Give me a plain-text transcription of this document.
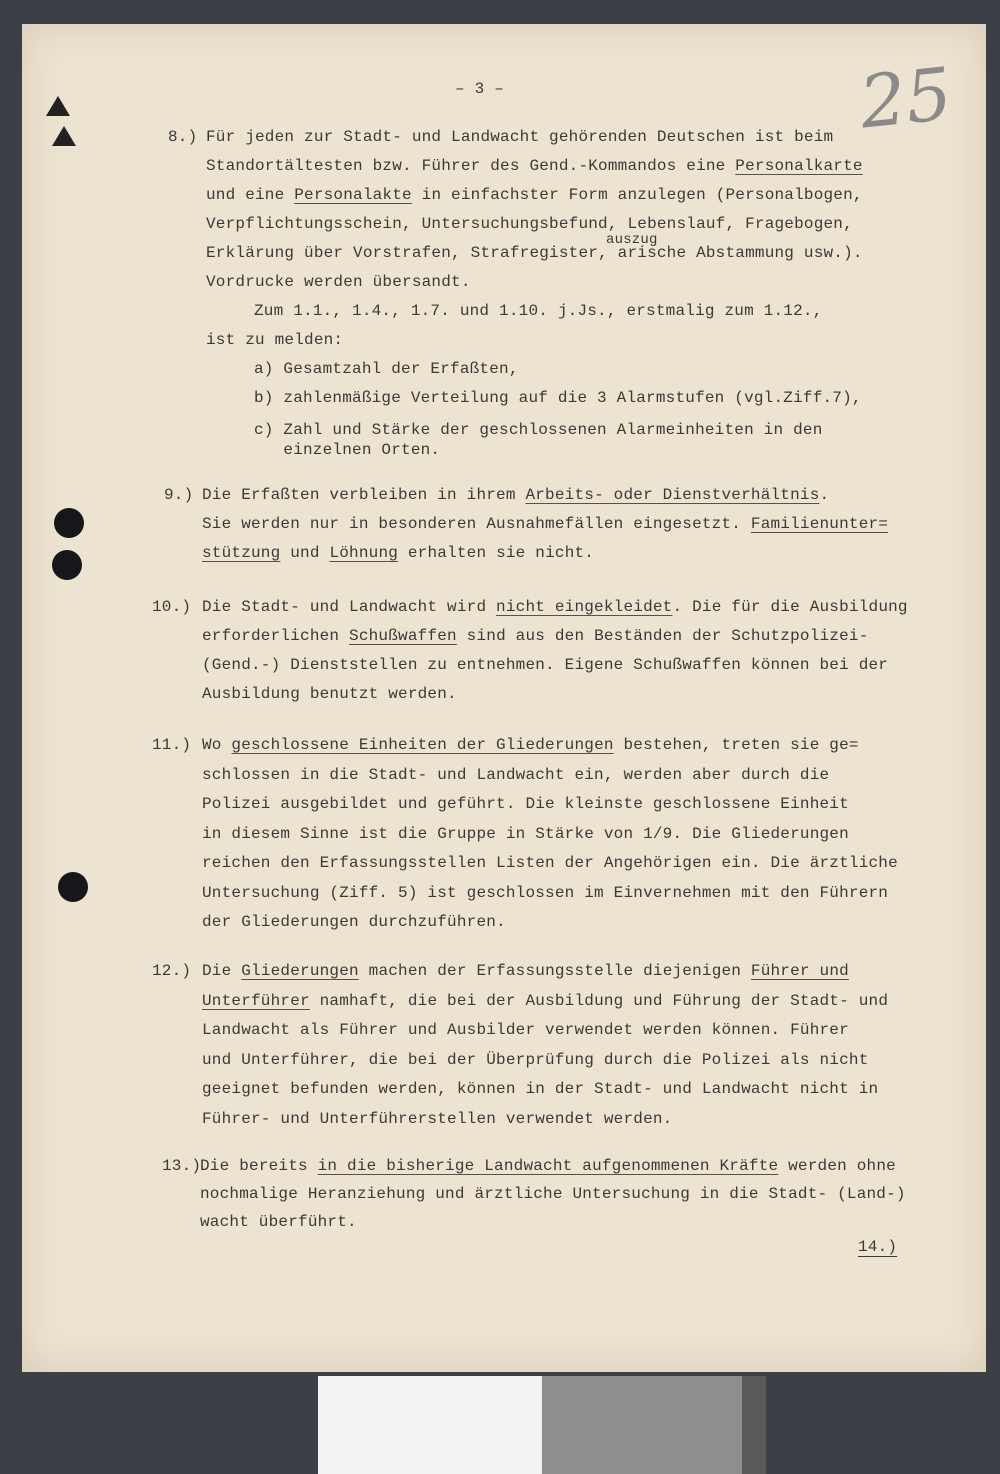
– 3 –	25
8.) Für jeden zur Stadt- und Landwacht gehörenden Deutschen ist beim
Standortältesten bzw. Führer des Gend.-Kommandos eine Personalkarte
und eine Personalakte in einfachster Form anzulegen (Personalbogen,
Verpflichtungsschein, Untersuchungsbefund, Lebenslauf, Fragebogen,
Erklärung über Vorstrafen, Strafregister, arische Abstammung usw.).
Vordrucke werden übersandt.
auszug
Zum 1.1., 1.4., 1.7. und 1.10. j.Js., erstmalig zum 1.12.,
ist zu melden:
a) Gesamtzahl der Erfaßten,
b) zahlenmäßige Verteilung auf die 3 Alarmstufen (vgl.Ziff.7),
c) Zahl und Stärke der geschlossenen Alarmeinheiten in den
einzelnen Orten.
9.) Die Erfaßten verbleiben in ihrem Arbeits- oder Dienstverhältnis.
Sie werden nur in besonderen Ausnahmefällen eingesetzt. Familienunter=
stützung und Löhnung erhalten sie nicht.
10.) Die Stadt- und Landwacht wird nicht eingekleidet. Die für die Ausbildung
erforderlichen Schußwaffen sind aus den Beständen der Schutzpolizei-
(Gend.-) Dienststellen zu entnehmen. Eigene Schußwaffen können bei der
Ausbildung benutzt werden.
11.) Wo geschlossene Einheiten der Gliederungen bestehen, treten sie ge=
schlossen in die Stadt- und Landwacht ein, werden aber durch die
Polizei ausgebildet und geführt. Die kleinste geschlossene Einheit
in diesem Sinne ist die Gruppe in Stärke von 1/9. Die Gliederungen
reichen den Erfassungsstellen Listen der Angehörigen ein. Die ärztliche
Untersuchung (Ziff. 5) ist geschlossen im Einvernehmen mit den Führern
der Gliederungen durchzuführen.
12.) Die Gliederungen machen der Erfassungsstelle diejenigen Führer und
Unterführer namhaft, die bei der Ausbildung und Führung der Stadt- und
Landwacht als Führer und Ausbilder verwendet werden können. Führer
und Unterführer, die bei der Überprüfung durch die Polizei als nicht
geeignet befunden werden, können in der Stadt- und Landwacht nicht in
Führer- und Unterführerstellen verwendet werden.
13.)
Die bereits in die bisherige Landwacht aufgenommenen Kräfte werden ohne
nochmalige Heranziehung und ärztliche Untersuchung in die Stadt- (Land-)
wacht überführt.
14.)
